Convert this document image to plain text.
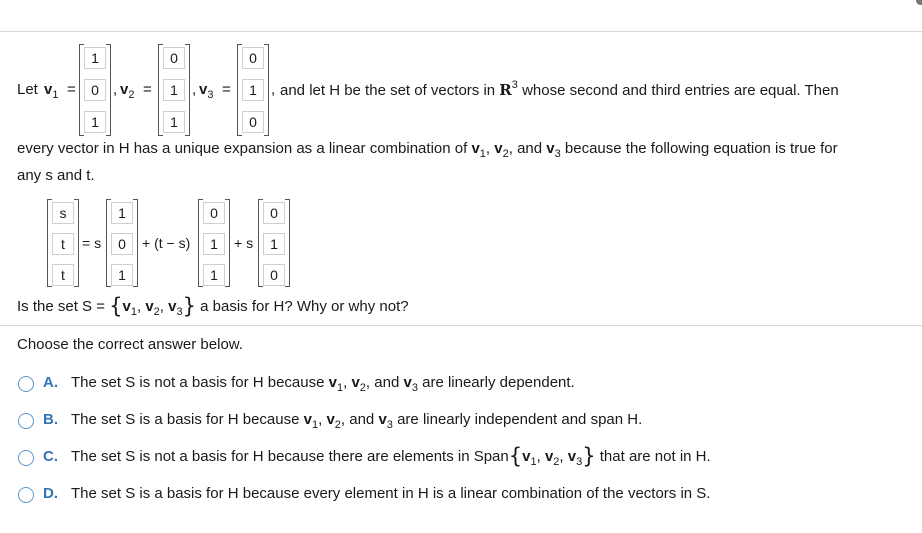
Let $v_1$ =
1
0
1
, $v_2$ =
0
1
1
, $v_3$ =
0
1
0
, and let H be the set of vectors in $R^3$ whose second and third entries are equal. Then
every vector in H has a unique expansion as a linear combination of $v_1$, $v_2$, and $v_3$ because the following equation is true for
any s and t.
s
t
t
= s
1
0
1
+ (t − s)
0
1
1
+ s
0
1
0
Is the set $S = \{v_1$, $v_2$, $v_3$} a basis for H? Why or why not?
Choose the correct answer below.
A. The set S is not a basis for H because $v_1$, $v_2$, and $v_3$ are linearly dependent.
B. The set S is a basis for H because $v_1$, $v_2$, and $v_3$ are linearly independent and span H.
C. The set S is not a basis for H because there are elements in $Span\{v_1$, $v_2$, $v_3$} that are not in H.
D. The set S is a basis for H because every element in H is a linear combination of the vectors in S.
